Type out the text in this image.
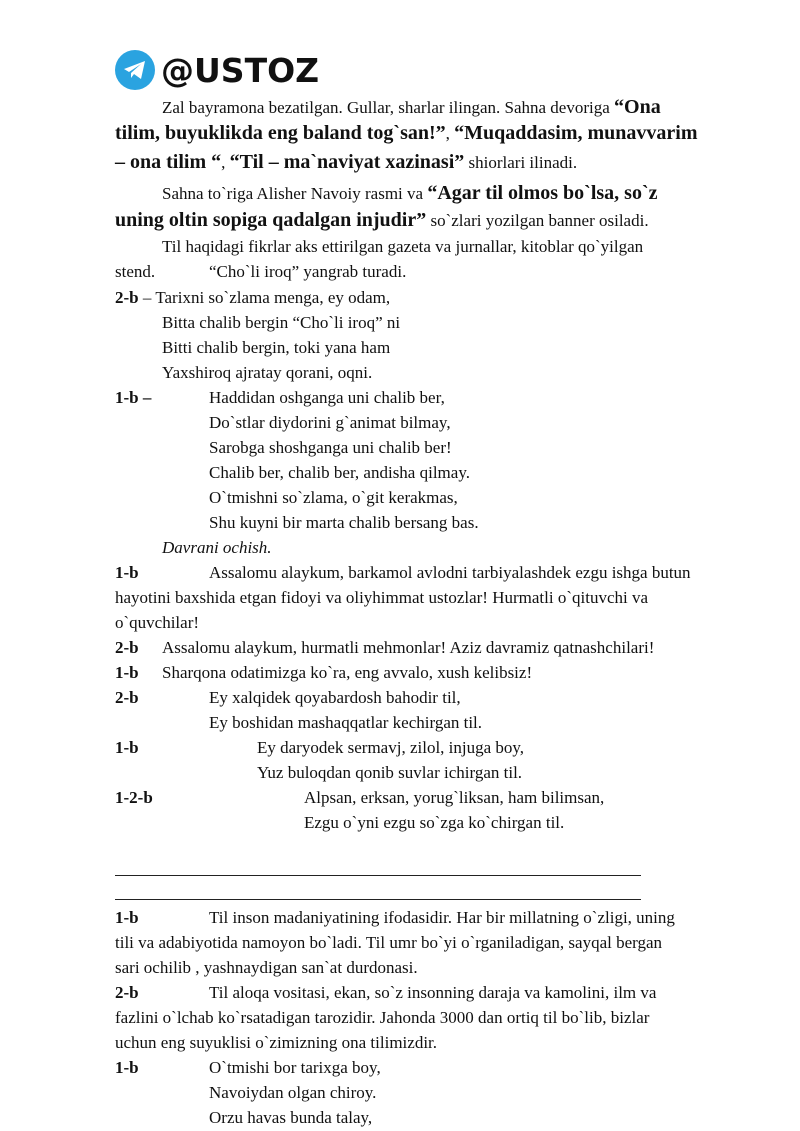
@USTOZ
Zal bayramona bezatilgan. Gullar, sharlar ilingan. Sahna devoriga “Ona
tilim, buyuklikda eng baland tog`san!”, “Muqaddasim, munavvarim
– ona tilim “, “Til – ma`naviyat xazinasi” shiorlari ilinadi.
Sahna to`riga Alisher Navoiy rasmi va “Agar til olmos bo`lsa, so`z
uning oltin sopiga qadalgan injudir” so`zlari yozilgan banner osiladi.
Til haqidagi fikrlar aks ettirilgan gazeta va jurnallar, kitoblar qo`yilgan
stend.	“Cho`li iroq” yangrab turadi.
2-b – Tarixni so`zlama menga, ey odam,
Bitta chalib bergin “Cho`li iroq” ni
Bitti chalib bergin, toki yana ham
Yaxshiroq ajratay qorani, oqni.
1-b –	Haddidan oshganga uni chalib ber,
Do`stlar diydorini g`animat bilmay,
Sarobga shoshganga uni chalib ber!
Chalib ber, chalib ber, andisha qilmay.
O`tmishni so`zlama, o`git kerakmas,
Shu kuyni bir marta chalib bersang bas.
Davrani ochish.
1-b	Assalomu alaykum, barkamol avlodni tarbiyalashdek ezgu ishga butun
hayotini baxshida etgan fidoyi va oliyhimmat ustozlar! Hurmatli o`qituvchi va
o`quvchilar!
2-b Assalomu alaykum, hurmatli mehmonlar! Aziz davramiz qatnashchilari!
1-b Sharqona odatimizga ko`ra, eng avvalo, xush kelibsiz!
2-b	Ey xalqidek qoyabardosh bahodir til,
Ey boshidan mashaqqatlar kechirgan til.
1-b	Ey daryodek sermavj, zilol, injuga boy,
Yuz buloqdan qonib suvlar ichirgan til.
1-2-b	Alpsan, erksan, yorug`liksan, ham bilimsan,
Ezgu o`yni ezgu so`zga ko`chirgan til.
1-b	Til inson madaniyatining ifodasidir. Har bir millatning o`zligi, uning
tili va adabiyotida namoyon bo`ladi. Til umr bo`yi o`rganiladigan, sayqal bergan
sari ochilib , yashnaydigan san`at durdonasi.
2-b	Til aloqa vositasi, ekan, so`z insonning daraja va kamolini, ilm va
fazlini o`lchab ko`rsatadigan tarozidir. Jahonda 3000 dan ortiq til bo`lib, bizlar
uchun eng suyuklisi o`zimizning ona tilimizdir.
1-b	O`tmishi bor tarixga boy,
Navoiydan olgan chiroy.
Orzu havas bunda talay,
